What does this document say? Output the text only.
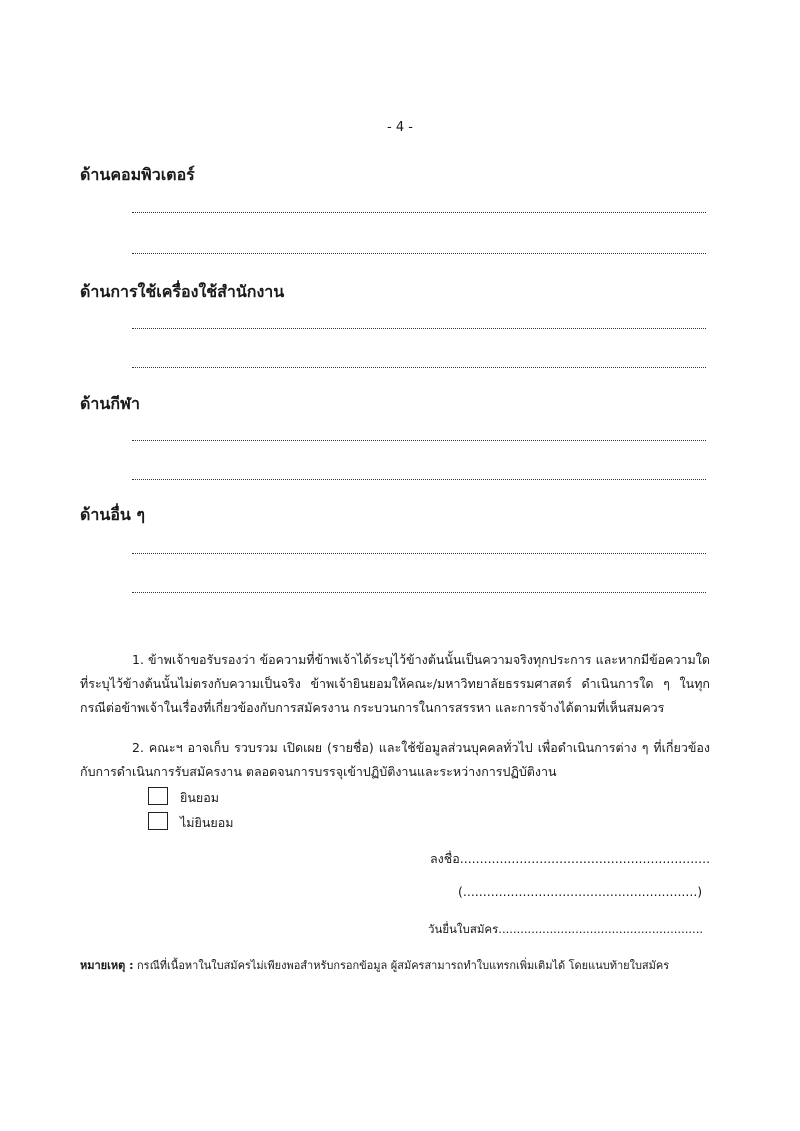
- 4 -
ด้านคอมพิวเตอร์
ด้านการใช้เครื่องใช้สำนักงาน
ด้านกีฬา
ด้านอื่น ๆ
1. ข้าพเจ้าขอรับรองว่า ข้อความที่ข้าพเจ้าได้ระบุไว้ข้างต้นนั้นเป็นความจริงทุกประการ และหากมีข้อความใดที่ระบุไว้ข้างต้นนั้นไม่ตรงกับความเป็นจริง ข้าพเจ้ายินยอมให้คณะ/มหาวิทยาลัยธรรมศาสตร์ ดำเนินการใด ๆ ในทุกกรณีต่อข้าพเจ้าในเรื่องที่เกี่ยวข้องกับการสมัครงาน กระบวนการในการสรรหา และการจ้างได้ตามที่เห็นสมควร
2. คณะฯ อาจเก็บ รวบรวม เปิดเผย (รายชื่อ) และใช้ข้อมูลส่วนบุคคลทั่วไป เพื่อดำเนินการต่าง ๆ ที่เกี่ยวข้องกับการดำเนินการรับสมัครงาน ตลอดจนการบรรจุเข้าปฏิบัติงานและระหว่างการปฏิบัติงาน
ยินยอม
ไม่ยินยอม
ลงชื่อ...............................................................
(...........................................................)
วันยื่นใบสมัคร........................................................
หมายเหตุ : กรณีที่เนื้อหาในใบสมัครไม่เพียงพอสำหรับกรอกข้อมูล ผู้สมัครสามารถทำใบแทรกเพิ่มเติมได้ โดยแนบท้ายใบสมัคร
